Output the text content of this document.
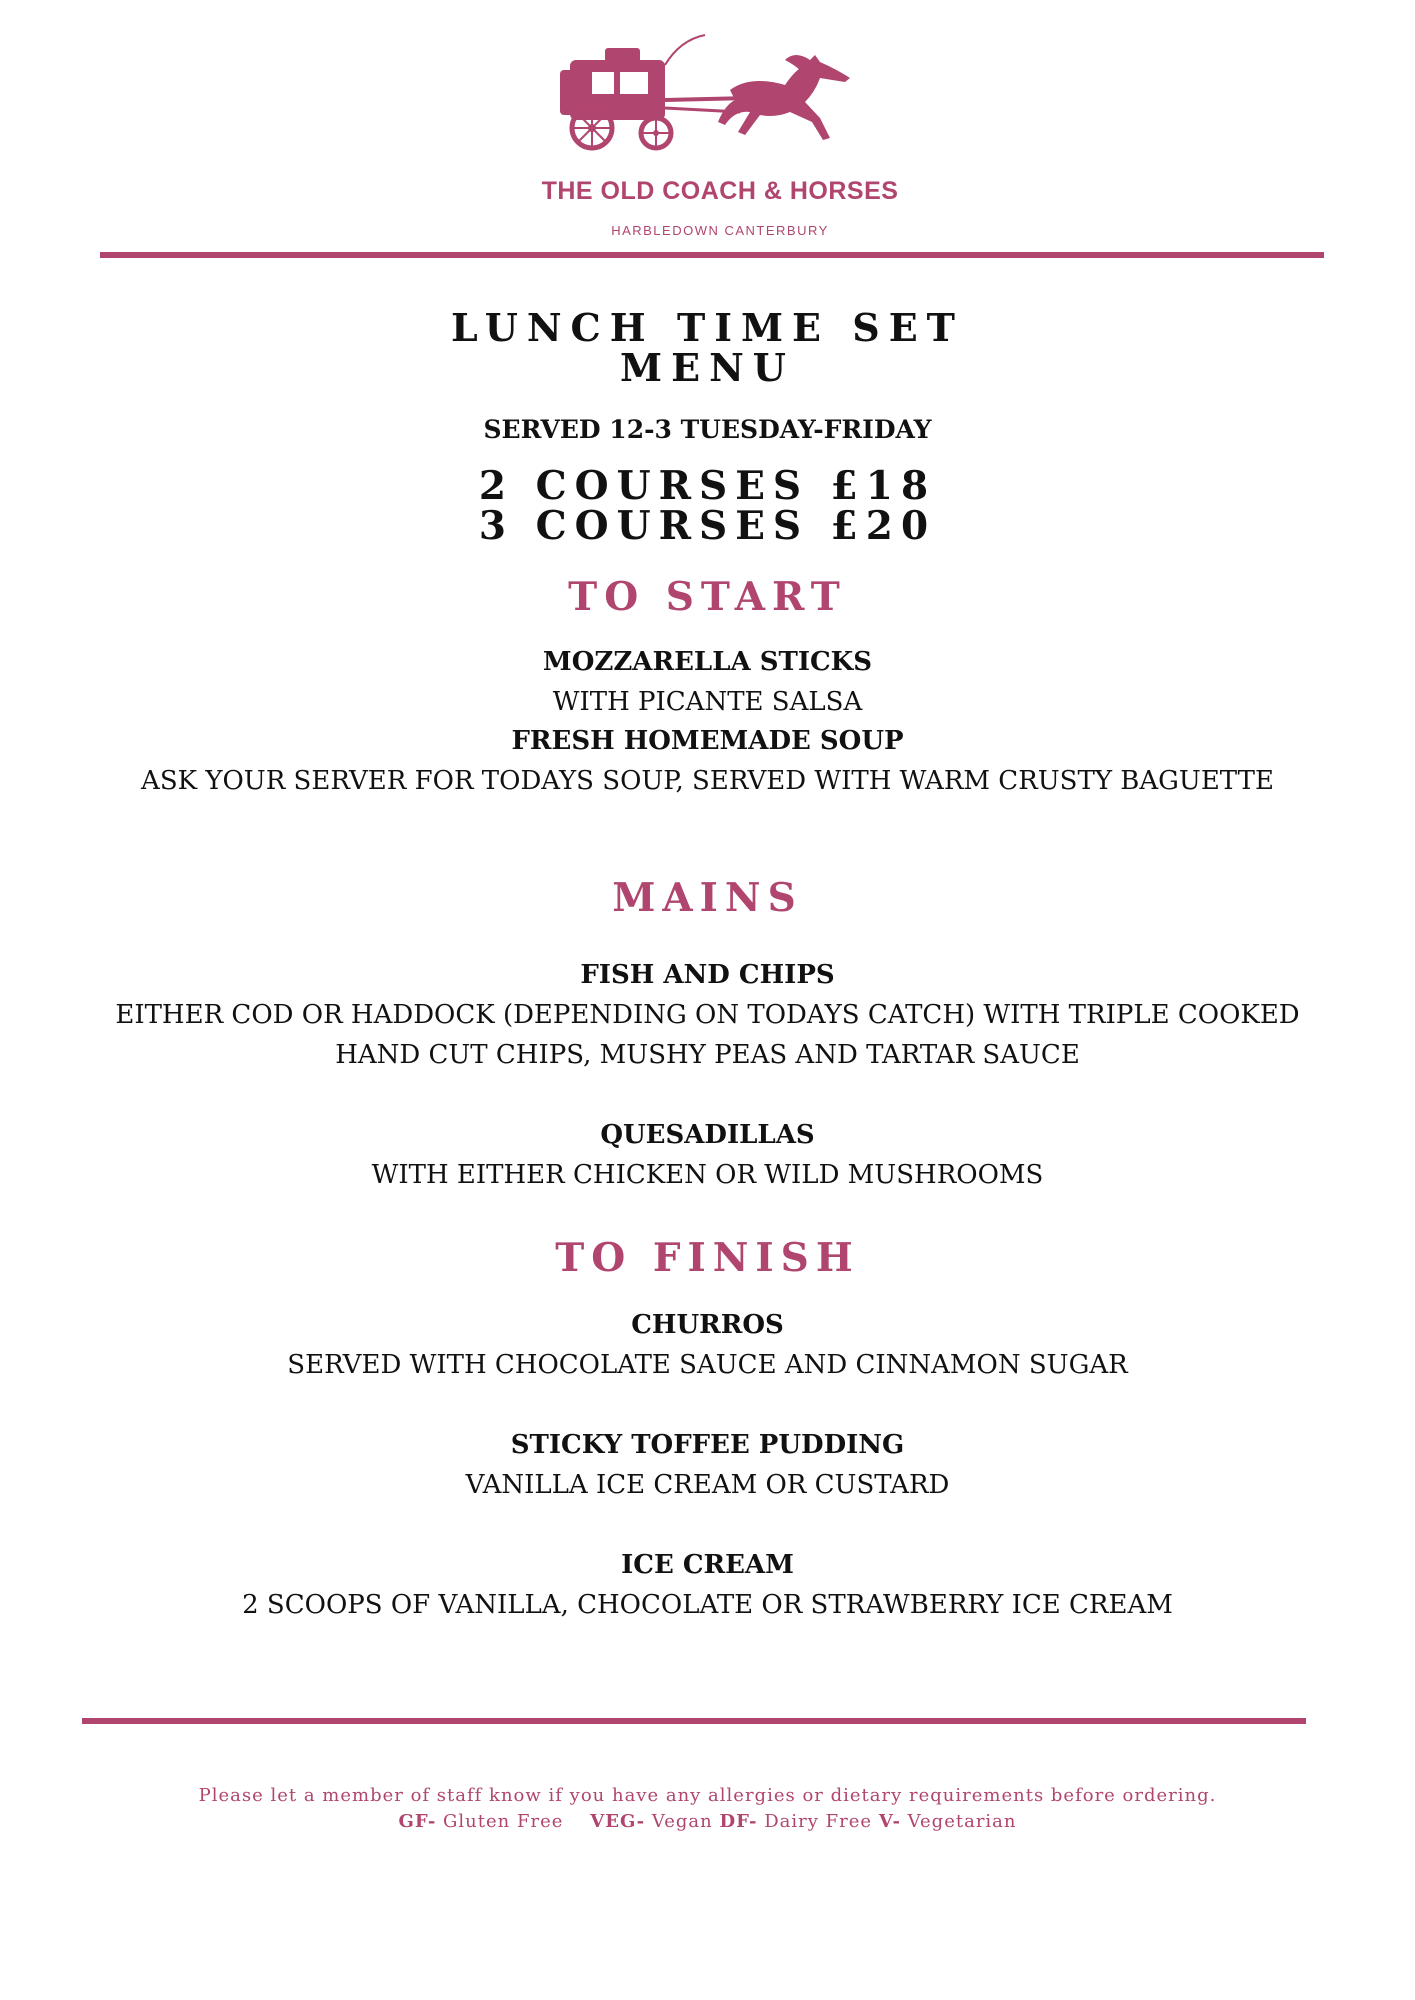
THE OLD COACH & HORSES
HARBLEDOWN CANTERBURY
LUNCH TIME SET
MENU
SERVED 12-3 TUESDAY-FRIDAY
2 COURSES £18
3 COURSES £20
TO START
MOZZARELLA STICKS
WITH PICANTE SALSA
FRESH HOMEMADE SOUP
ASK YOUR SERVER FOR TODAYS SOUP, SERVED WITH WARM CRUSTY BAGUETTE
MAINS
FISH AND CHIPS
EITHER COD OR HADDOCK (DEPENDING ON TODAYS CATCH) WITH TRIPLE COOKED
HAND CUT CHIPS, MUSHY PEAS AND TARTAR SAUCE
QUESADILLAS
WITH EITHER CHICKEN OR WILD MUSHROOMS
TO FINISH
CHURROS
SERVED WITH CHOCOLATE SAUCE AND CINNAMON SUGAR
STICKY TOFFEE PUDDING
VANILLA ICE CREAM OR CUSTARD
ICE CREAM
2 SCOOPS OF VANILLA, CHOCOLATE OR STRAWBERRY ICE CREAM
Please let a member of staff know if you have any allergies or dietary requirements before ordering.
GF- Gluten Free VEG- Vegan DF- Dairy Free V- Vegetarian
